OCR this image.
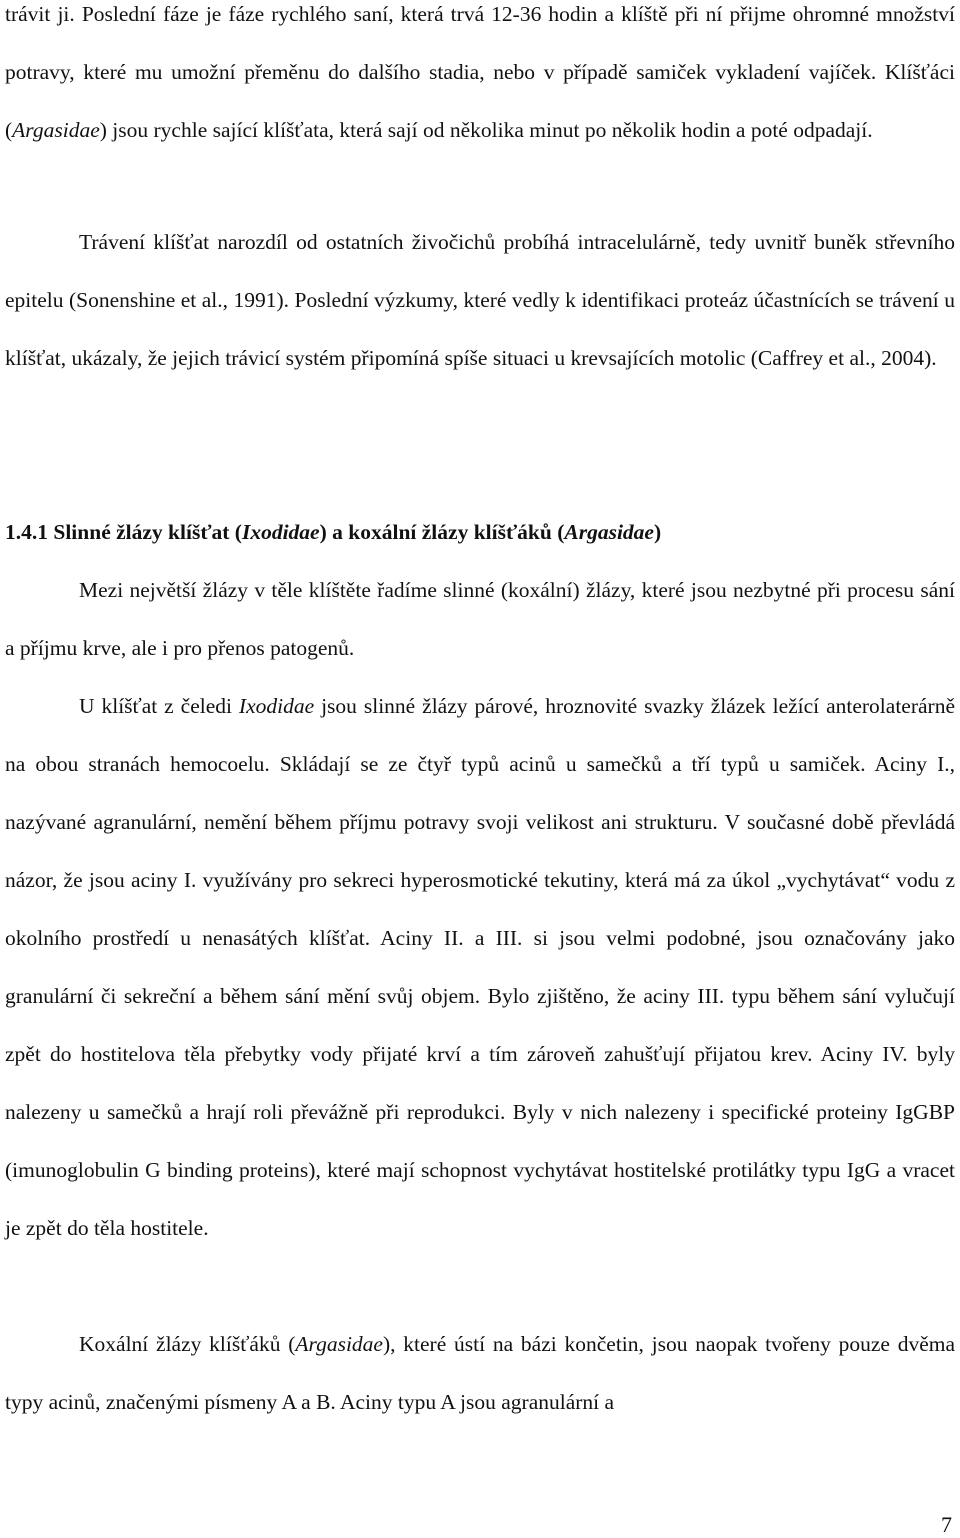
trávit ji. Poslední fáze je fáze rychlého saní, která trvá 12-36 hodin a klíště při ní přijme ohromné množství potravy, které mu umožní přeměnu do dalšího stadia, nebo v případě samiček vykladení vajíček. Klíšťáci (Argasidae) jsou rychle sající klíšťata, která sají od několika minut po několik hodin a poté odpadají.

Trávení klíšťat narozdíl od ostatních živočichů probíhá intracelulárně, tedy uvnitř buněk střevního epitelu (Sonenshine et al., 1991). Poslední výzkumy, které vedly k identifikaci proteáz účastnících se trávení u klíšťat, ukázaly, že jejich trávicí systém připomíná spíše situaci u krevsajících motolic (Caffrey et al., 2004).

1.4.1 Slinné žlázy klíšťat (Ixodidae) a koxální žlázy klíšťáků (Argasidae)

Mezi největší žlázy v těle klíštěte řadíme slinné (koxální) žlázy, které jsou nezbytné při procesu sání a příjmu krve, ale i pro přenos patogenů.

U klíšťat z čeledi Ixodidae jsou slinné žlázy párové, hroznovité svazky žlázek ležící anterolaterárně na obou stranách hemocoelu. Skládají se ze čtyř typů acinů u samečků a tří typů u samiček. Aciny I., nazývané agranulární, nemění během příjmu potravy svoji velikost ani strukturu. V současné době převládá názor, že jsou aciny I. využívány pro sekreci hyperosmotické tekutiny, která má za úkol „vychytávat“ vodu z okolního prostředí u nenasátých klíšťat. Aciny II. a III. si jsou velmi podobné, jsou označovány jako granulární či sekreční a během sání mění svůj objem. Bylo zjištěno, že aciny III. typu během sání vylučují zpět do hostitelova těla přebytky vody přijaté krví a tím zároveň zahušťují přijatou krev. Aciny IV. byly nalezeny u samečků a hrají roli převážně při reprodukci. Byly v nich nalezeny i specifické proteiny IgGBP (imunoglobulin G binding proteins), které mají schopnost vychytávat hostitelské protilátky typu IgG a vracet je zpět do těla hostitele.

Koxální žlázy klíšťáků (Argasidae), které ústí na bázi končetin, jsou naopak tvořeny pouze dvěma typy acinů, značenými písmeny A a B. Aciny typu A jsou agranulární a

7
